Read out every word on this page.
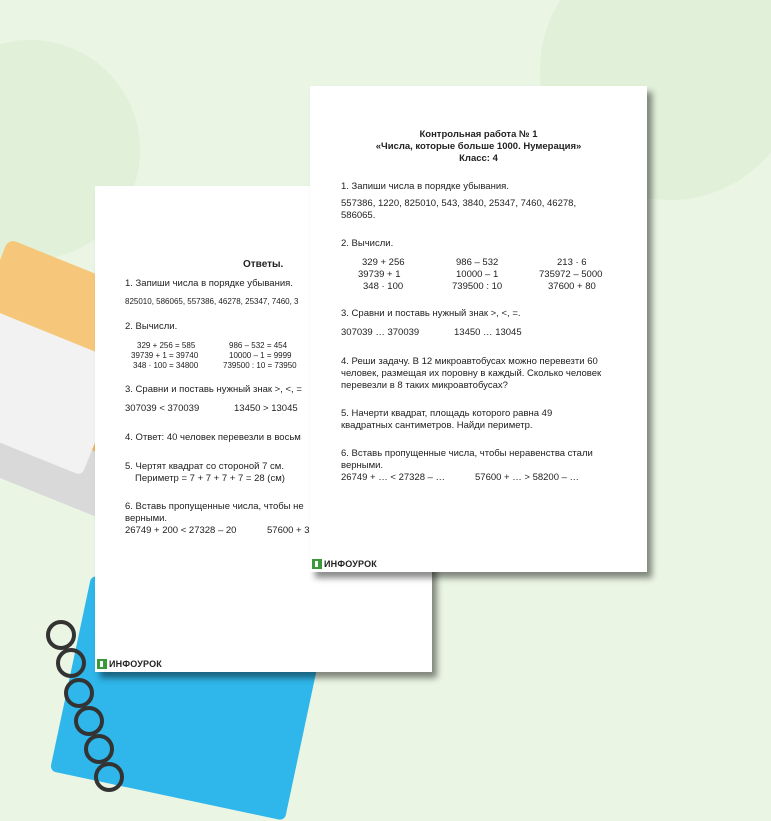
Ответы.
1. Запиши числа в порядке убывания.
825010, 586065, 557386, 46278, 25347, 7460, 3
2. Вычисли.
329 + 256 = 585	986 – 532 = 454
39739 + 1 = 39740	10000 – 1 = 9999
348 · 100 = 34800	739500 : 10 = 73950
3. Сравни и поставь нужный знак >, <, =
307039 < 370039	13450 > 13045
4. Ответ: 40 человек перевезли в восьм
5. Чертят квадрат со стороной 7 см.
Периметр = 7 + 7 + 7 + 7 = 28 (см)
6. Вставь пропущенные числа, чтобы не
верными.
26749 + 200 < 27328 – 20	57600 + 3
ИНФОУРОК
Контрольная работа № 1
«Числа, которые больше 1000. Нумерация»
Класс: 4
1. Запиши числа в порядке убывания.
557386, 1220, 825010, 543, 3840, 25347, 7460, 46278,
586065.
2. Вычисли.
329 + 256	986 – 532	213 · 6
39739 + 1	10000 – 1	735972 – 5000
348 · 100	739500 : 10	37600 + 80
3. Сравни и поставь нужный знак >, <, =.
307039 … 370039	13450 … 13045
4. Реши задачу. В 12 микроавтобусах можно перевезти 60
человек, размещая их поровну в каждый. Сколько человек
перевезли в 8 таких микроавтобусах?
5. Начерти квадрат, площадь которого равна 49
квадратных сантиметров. Найди периметр.
6. Вставь пропущенные числа, чтобы неравенства стали
верными.
26749 + … < 27328 – …	57600 + … > 58200 – …
ИНФОУРОК
